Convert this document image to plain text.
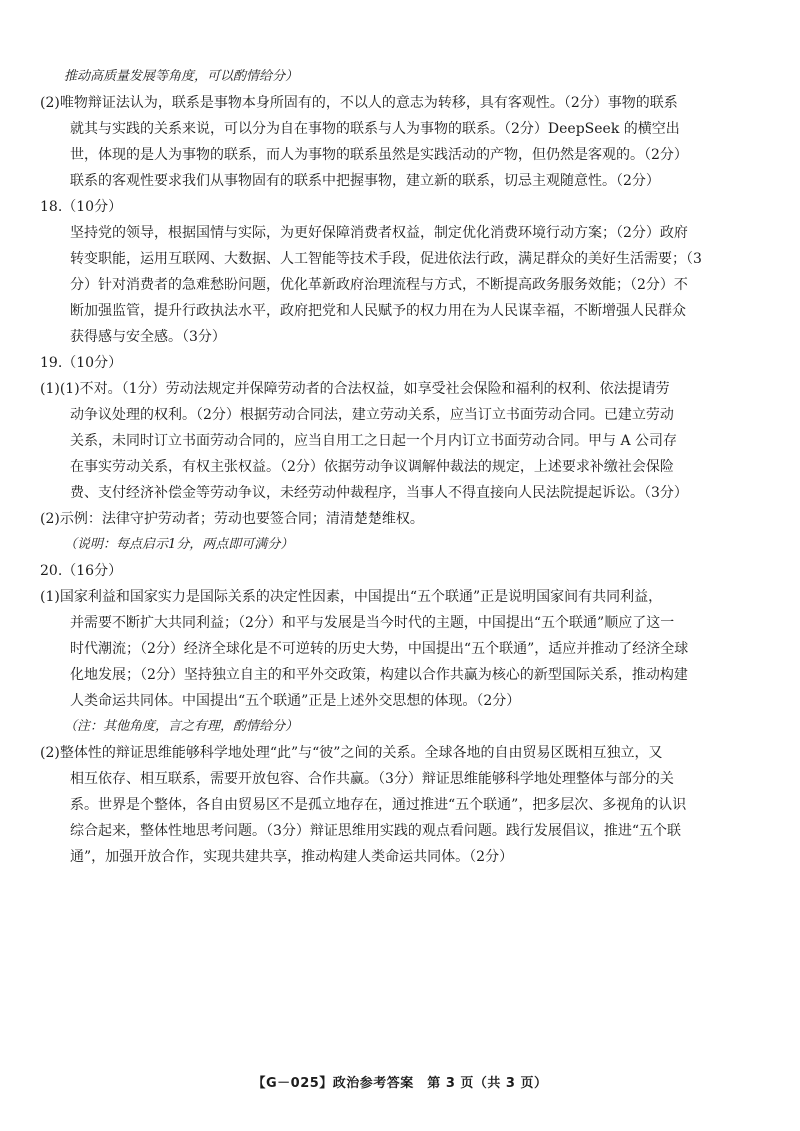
推动高质量发展等角度，可以酌情给分）
(2)唯物辩证法认为，联系是事物本身所固有的，不以人的意志为转移，具有客观性。（2分）事物的联系
就其与实践的关系来说，可以分为自在事物的联系与人为事物的联系。（2分）DeepSeek 的横空出
世，体现的是人为事物的联系，而人为事物的联系虽然是实践活动的产物，但仍然是客观的。（2分）
联系的客观性要求我们从事物固有的联系中把握事物，建立新的联系，切忌主观随意性。（2分）
18.（10分）
坚持党的领导，根据国情与实际，为更好保障消费者权益，制定优化消费环境行动方案；（2分）政府
转变职能，运用互联网、大数据、人工智能等技术手段，促进依法行政，满足群众的美好生活需要；（3
分）针对消费者的急难愁盼问题，优化革新政府治理流程与方式，不断提高政务服务效能；（2分）不
断加强监管，提升行政执法水平，政府把党和人民赋予的权力用在为人民谋幸福，不断增强人民群众
获得感与安全感。（3分）
19.（10分）
(1)(1)不对。（1分）劳动法规定并保障劳动者的合法权益，如享受社会保险和福利的权利、依法提请劳
动争议处理的权利。（2分）根据劳动合同法，建立劳动关系，应当订立书面劳动合同。已建立劳动
关系，未同时订立书面劳动合同的，应当自用工之日起一个月内订立书面劳动合同。甲与 A 公司存
在事实劳动关系，有权主张权益。（2分）依据劳动争议调解仲裁法的规定，上述要求补缴社会保险
费、支付经济补偿金等劳动争议，未经劳动仲裁程序，当事人不得直接向人民法院提起诉讼。（3分）
(2)示例：法律守护劳动者；劳动也要签合同；清清楚楚维权。
（说明：每点启示1分，两点即可满分）
20.（16分）
(1)国家利益和国家实力是国际关系的决定性因素，中国提出“五个联通”正是说明国家间有共同利益，
并需要不断扩大共同利益；（2分）和平与发展是当今时代的主题，中国提出“五个联通”顺应了这一
时代潮流；（2分）经济全球化是不可逆转的历史大势，中国提出“五个联通”，适应并推动了经济全球
化地发展；（2分）坚持独立自主的和平外交政策，构建以合作共赢为核心的新型国际关系，推动构建
人类命运共同体。中国提出“五个联通”正是上述外交思想的体现。（2分）
（注：其他角度，言之有理，酌情给分）
(2)整体性的辩证思维能够科学地处理“此”与“彼”之间的关系。全球各地的自由贸易区既相互独立，又
相互依存、相互联系，需要开放包容、合作共赢。（3分）辩证思维能够科学地处理整体与部分的关
系。世界是个整体，各自由贸易区不是孤立地存在，通过推进“五个联通”，把多层次、多视角的认识
综合起来，整体性地思考问题。（3分）辩证思维用实践的观点看问题。践行发展倡议，推进“五个联
通”，加强开放合作，实现共建共享，推动构建人类命运共同体。（2分）
【G－025】政治参考答案　第 3 页（共 3 页）
